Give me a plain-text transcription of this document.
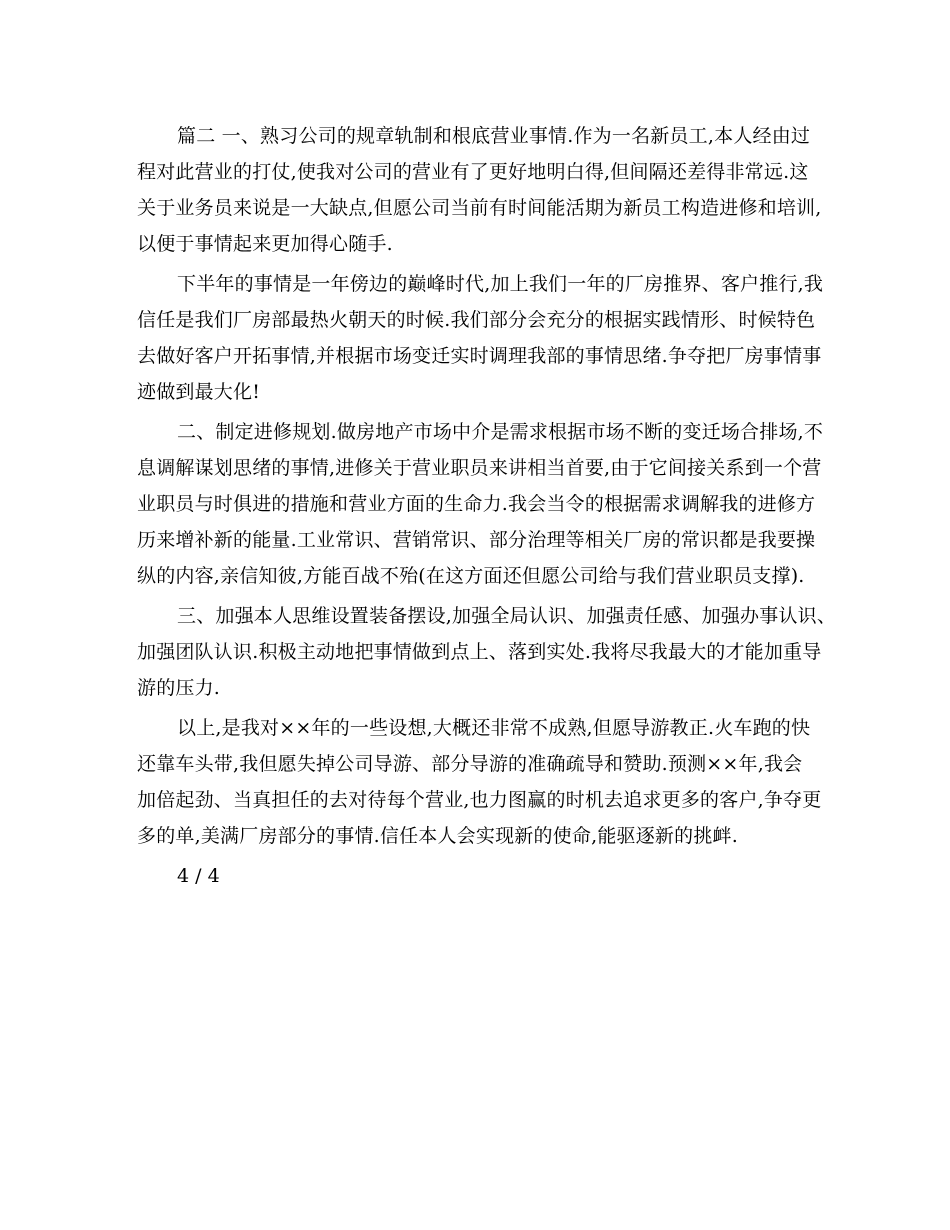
篇二 一、熟习公司的规章轨制和根底营业事情.作为一名新员工,本人经由过
程对此营业的打仗,使我对公司的营业有了更好地明白得,但间隔还差得非常远.这
关于业务员来说是一大缺点,但愿公司当前有时间能活期为新员工构造进修和培训,
以便于事情起来更加得心随手.
下半年的事情是一年傍边的巅峰时代,加上我们一年的厂房推界、客户推行,我
信任是我们厂房部最热火朝天的时候.我们部分会充分的根据实践情形、时候特色
去做好客户开拓事情,并根据市场变迁实时调理我部的事情思绪.争夺把厂房事情事
迹做到最大化!
二、制定进修规划.做房地产市场中介是需求根据市场不断的变迁场合排场,不
息调解谋划思绪的事情,进修关于营业职员来讲相当首要,由于它间接关系到一个营
业职员与时俱进的措施和营业方面的生命力.我会当令的根据需求调解我的进修方
历来增补新的能量.工业常识、营销常识、部分治理等相关厂房的常识都是我要操
纵的内容,亲信知彼,方能百战不殆(在这方面还但愿公司给与我们营业职员支撑).
三、加强本人思维设置装备摆设,加强全局认识、加强责任感、加强办事认识、
加强团队认识.积极主动地把事情做到点上、落到实处.我将尽我最大的才能加重导
游的压力.
以上,是我对××年的一些设想,大概还非常不成熟,但愿导游教正.火车跑的快
还靠车头带,我但愿失掉公司导游、部分导游的准确疏导和赞助.预测××年,我会
加倍起劲、当真担任的去对待每个营业,也力图赢的时机去追求更多的客户,争夺更
多的单,美满厂房部分的事情.信任本人会实现新的使命,能驱逐新的挑衅.
4 / 4
